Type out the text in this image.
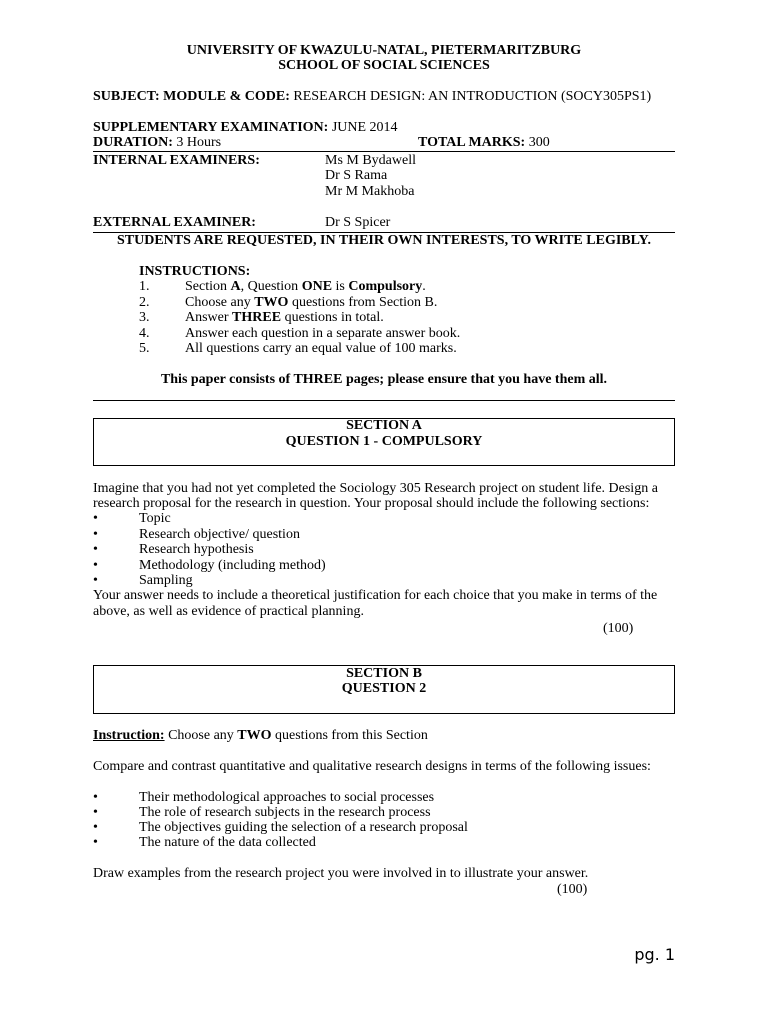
UNIVERSITY OF KWAZULU-NATAL, PIETERMARITZBURG
SCHOOL OF SOCIAL SCIENCES
SUBJECT: MODULE & CODE: RESEARCH DESIGN: AN INTRODUCTION (SOCY305PS1)
SUPPLEMENTARY EXAMINATION: JUNE 2014
DURATION: 3 Hours	TOTAL MARKS: 300
INTERNAL EXAMINERS:	Ms M Bydawell
Dr S Rama
Mr M Makhoba
EXTERNAL EXAMINER:	Dr S Spicer
STUDENTS ARE REQUESTED, IN THEIR OWN INTERESTS, TO WRITE LEGIBLY.
INSTRUCTIONS:
1.	Section A, Question ONE is Compulsory.
2.	Choose any TWO questions from Section B.
3.	Answer THREE questions in total.
4.	Answer each question in a separate answer book.
5.	All questions carry an equal value of 100 marks.
This paper consists of THREE pages; please ensure that you have them all.
SECTION A
QUESTION 1 - COMPULSORY
Imagine that you had not yet completed the Sociology 305 Research project on student life. Design a
research proposal for the research in question. Your proposal should include the following sections:
•	Topic
•	Research objective/ question
•	Research hypothesis
•	Methodology (including method)
•	Sampling
Your answer needs to include a theoretical justification for each choice that you make in terms of the
above, as well as evidence of practical planning.
(100)
SECTION B
QUESTION 2
Instruction: Choose any TWO questions from this Section
Compare and contrast quantitative and qualitative research designs in terms of the following issues:
•	Their methodological approaches to social processes
•	The role of research subjects in the research process
•	The objectives guiding the selection of a research proposal
•	The nature of the data collected
Draw examples from the research project you were involved in to illustrate your answer.
(100)
pg. 1
